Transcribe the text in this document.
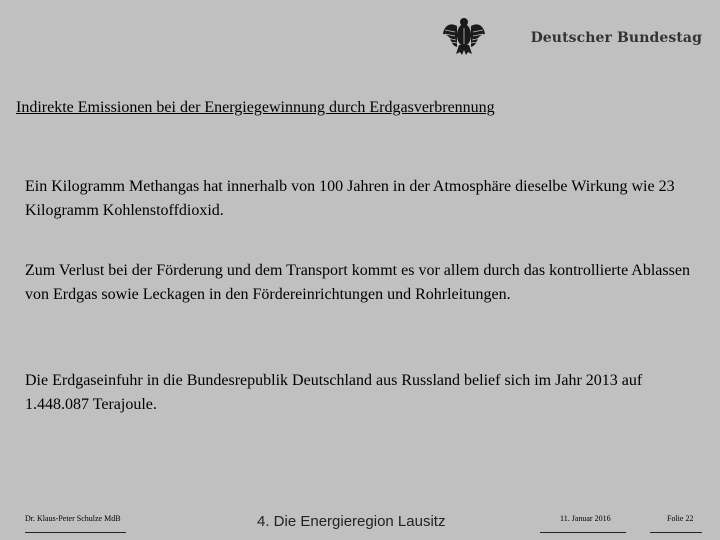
Deutscher Bundestag
Indirekte Emissionen bei der Energiegewinnung durch Erdgasverbrennung
Ein Kilogramm Methangas hat innerhalb von 100 Jahren in der Atmosphäre dieselbe Wirkung wie 23 Kilogramm Kohlenstoffdioxid.
Zum Verlust bei der Förderung und dem Transport kommt es vor allem durch das kontrollierte Ablassen von Erdgas sowie Leckagen in den Fördereinrichtungen und Rohrleitungen.
Die Erdgaseinfuhr in die Bundesrepublik Deutschland aus Russland belief sich im Jahr 2013 auf 1.448.087 Terajoule.
Dr. Klaus-Peter Schulze MdB	4. Die Energieregion Lausitz	11. Januar 2016	Folie 22
